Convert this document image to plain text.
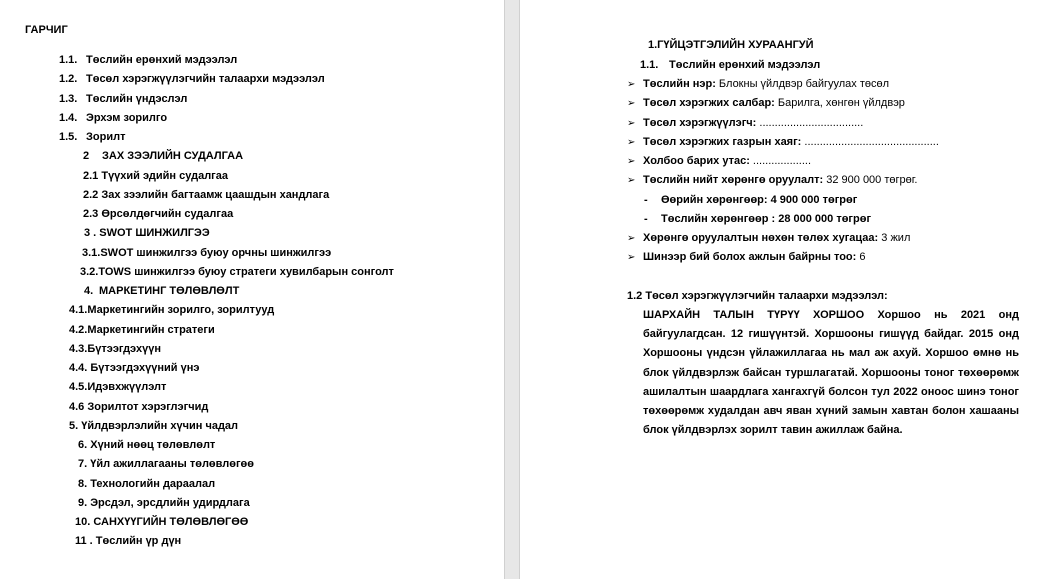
ГАРЧИГ
1.1. Төслийн ерөнхий мэдээлэл
1.2. Төсөл хэрэгжүүлэгчийн талаархи мэдээлэл
1.3. Төслийн үндэслэл
1.4. Эрхэм зорилго
1.5. Зорилт
2 ЗАХ ЗЭЭЛИЙН СУДАЛГАА
2.1 Түүхий эдийн судалгаа
2.2 Зах зээлийн багтаамж цаашдын хандлага
2.3 Өрсөлдөгчийн судалгаа
3 . SWOT ШИНЖИЛГЭЭ
3.1.SWOT шинжилгээ буюу орчны шинжилгээ
3.2.TOWS шинжилгээ буюу стратеги хувилбарын сонголт
4. МАРКЕТИНГ ТӨЛӨВЛӨЛТ
4.1.Маркетингийн зорилго, зорилтууд
4.2.Маркетингийн стратеги
4.3.Бүтээгдэхүүн
4.4. Бүтээгдэхүүний үнэ
4.5.Идэвхжүүлэлт
4.6 Зорилтот хэрэглэгчид
5. Үйлдвэрлэлийн хүчин чадал
6. Хүний нөөц төлөвлөлт
7. Үйл ажиллагааны төлөвлөгөө
8. Технологийн дараалал
9. Эрсдэл, эрсдлийн удирдлага
10. САНХҮҮГИЙН ТӨЛӨВЛӨГӨӨ
11 . Төслийн үр дүн
1.ГҮЙЦЭТГЭЛИЙН ХУРААНГУЙ
1.1. Төслийн ерөнхий мэдээлэл
➢ Төслийн нэр: Блокны үйлдвэр байгуулах төсөл
➢ Төсөл хэрэгжих салбар: Барилга, хөнгөн үйлдвэр
➢ Төсөл хэрэгжүүлэгч: ..................................
➢ Төсөл хэрэгжих газрын хаяг: ............................................
➢ Холбоо барих утас: ...................
➢ Төслийн нийт хөрөнгө оруулалт: 32 900 000 төгрөг.
- Өөрийн хөрөнгөөр: 4 900 000 төгрөг
- Төслийн хөрөнгөөр : 28 000 000 төгрөг
➢ Хөрөнгө оруулалтын нөхөн төлөх хугацаа: 3 жил
➢ Шинээр бий болох ажлын байрны тоо: 6
1.2 Төсөл хэрэгжүүлэгчийн талаархи мэдээлэл:
ШАРХАЙН ТАЛЫН ТҮРҮҮ ХОРШОО Хоршоо нь 2021 онд байгуулагдсан. 12 гишүүнтэй. Хоршооны гишүүд байдаг. 2015 онд Хоршооны үндсэн үйлажиллагаа нь мал аж ахуй. Хоршоо өмнө нь блок үйлдвэрлэж байсан туршлагатай. Хоршооны тоног төхөөрөмж ашилалтын шаардлага хангахгүй болсон тул 2022 оноос шинэ тоног төхөөрөмж худалдан авч яван хүний замын хавтан болон хашааны блок үйлдвэрлэх зорилт тавин ажиллаж байна.
